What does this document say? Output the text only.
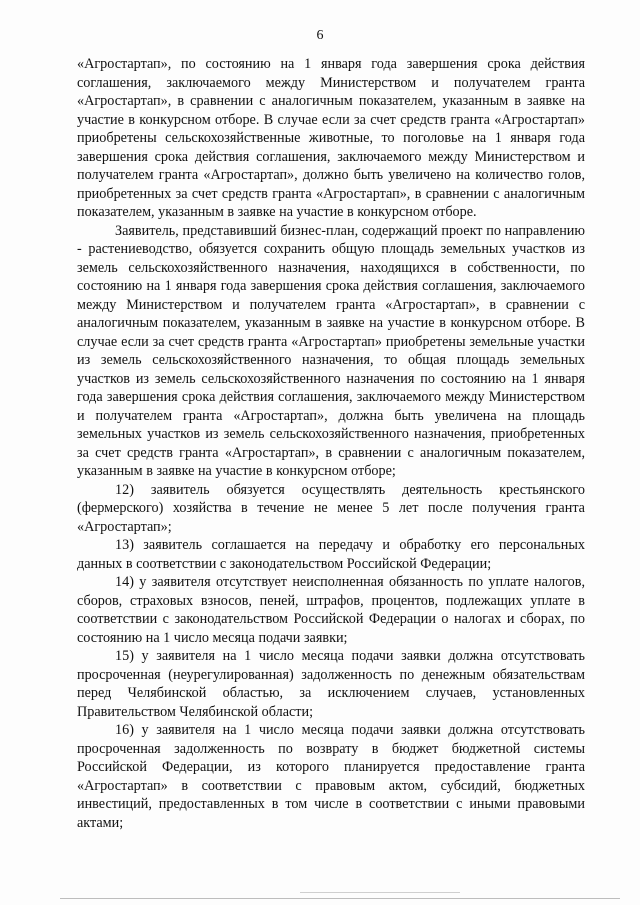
6

«Агростартап», по состоянию на 1 января года завершения срока действия соглашения, заключаемого между Министерством и получателем гранта «Агростартап», в сравнении с аналогичным показателем, указанным в заявке на участие в конкурсном отборе. В случае если за счет средств гранта «Агростартап» приобретены сельскохозяйственные животные, то поголовье на 1 января года завершения срока действия соглашения, заключаемого между Министерством и получателем гранта «Агростартап», должно быть увеличено на количество голов, приобретенных за счет средств гранта «Агростартап», в сравнении с аналогичным показателем, указанным в заявке на участие в конкурсном отборе.

Заявитель, представивший бизнес-план, содержащий проект по направлению - растениеводство, обязуется сохранить общую площадь земельных участков из земель сельскохозяйственного назначения, находящихся в собственности, по состоянию на 1 января года завершения срока действия соглашения, заключаемого между Министерством и получателем гранта «Агростартап», в сравнении с аналогичным показателем, указанным в заявке на участие в конкурсном отборе. В случае если за счет средств гранта «Агростартап» приобретены земельные участки из земель сельскохозяйственного назначения, то общая площадь земельных участков из земель сельскохозяйственного назначения по состоянию на 1 января года завершения срока действия соглашения, заключаемого между Министерством и получателем гранта «Агростартап», должна быть увеличена на площадь земельных участков из земель сельскохозяйственного назначения, приобретенных за счет средств гранта «Агростартап», в сравнении с аналогичным показателем, указанным в заявке на участие в конкурсном отборе;

12) заявитель обязуется осуществлять деятельность крестьянского (фермерского) хозяйства в течение не менее 5 лет после получения гранта «Агростартап»;

13) заявитель соглашается на передачу и обработку его персональных данных в соответствии с законодательством Российской Федерации;

14) у заявителя отсутствует неисполненная обязанность по уплате налогов, сборов, страховых взносов, пеней, штрафов, процентов, подлежащих уплате в соответствии с законодательством Российской Федерации о налогах и сборах, по состоянию на 1 число месяца подачи заявки;

15) у заявителя на 1 число месяца подачи заявки должна отсутствовать просроченная (неурегулированная) задолженность по денежным обязательствам перед Челябинской областью, за исключением случаев, установленных Правительством Челябинской области;

16) у заявителя на 1 число месяца подачи заявки должна отсутствовать просроченная задолженность по возврату в бюджет бюджетной системы Российской Федерации, из которого планируется предоставление гранта «Агростартап» в соответствии с правовым актом, субсидий, бюджетных инвестиций, предоставленных в том числе в соответствии с иными правовыми актами;
